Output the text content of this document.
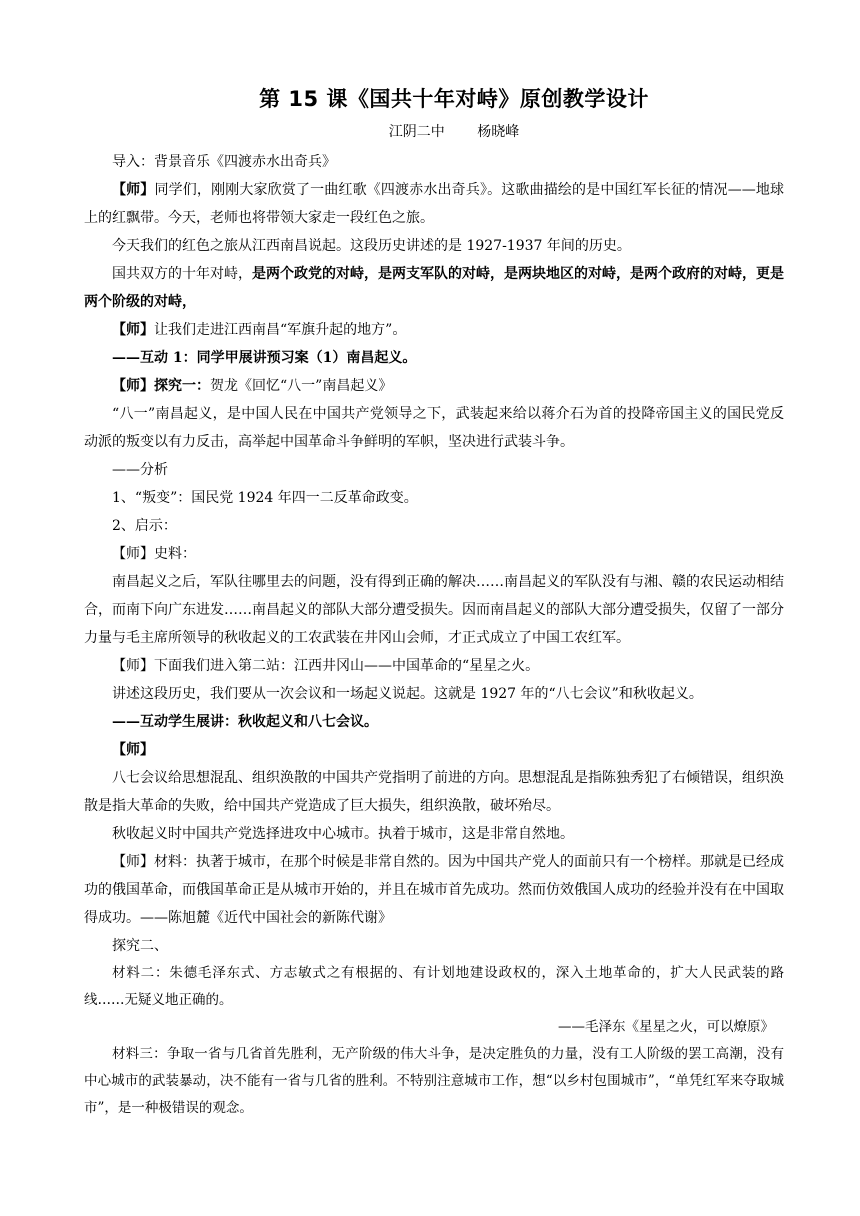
第 15 课《国共十年对峙》原创教学设计
江阴二中 杨晓峰

导入：背景音乐《四渡赤水出奇兵》

【师】同学们，刚刚大家欣赏了一曲红歌《四渡赤水出奇兵》。这歌曲描绘的是中国红军长征的情况——地球上的红飘带。今天，老师也将带领大家走一段红色之旅。

今天我们的红色之旅从江西南昌说起。这段历史讲述的是 1927-1937 年间的历史。

国共双方的十年对峙，是两个政党的对峙，是两支军队的对峙，是两块地区的对峙，是两个政府的对峙，更是两个阶级的对峙，

【师】让我们走进江西南昌“军旗升起的地方”。

——互动 1：同学甲展讲预习案（1）南昌起义。

【师】探究一：贺龙《回忆“八一”南昌起义》

“八一”南昌起义，是中国人民在中国共产党领导之下，武装起来给以蒋介石为首的投降帝国主义的国民党反动派的叛变以有力反击，高举起中国革命斗争鲜明的军帜，坚决进行武装斗争。

——分析

1、“叛变”：国民党 1924 年四一二反革命政变。

2、启示：

【师】史料：

南昌起义之后，军队往哪里去的问题，没有得到正确的解决……南昌起义的军队没有与湘、赣的农民运动相结合，而南下向广东进发……南昌起义的部队大部分遭受损失。因而南昌起义的部队大部分遭受损失，仅留了一部分力量与毛主席所领导的秋收起义的工农武装在井冈山会师，才正式成立了中国工农红军。

【师】下面我们进入第二站：江西井冈山——中国革命的“星星之火。

讲述这段历史，我们要从一次会议和一场起义说起。这就是 1927 年的“八七会议”和秋收起义。

——互动学生展讲：秋收起义和八七会议。

【师】

八七会议给思想混乱、组织涣散的中国共产党指明了前进的方向。思想混乱是指陈独秀犯了右倾错误，组织涣散是指大革命的失败，给中国共产党造成了巨大损失，组织涣散，破坏殆尽。

秋收起义时中国共产党选择进攻中心城市。执着于城市，这是非常自然地。

【师】材料：执著于城市，在那个时候是非常自然的。因为中国共产党人的面前只有一个榜样。那就是已经成功的俄国革命，而俄国革命正是从城市开始的，并且在城市首先成功。然而仿效俄国人成功的经验并没有在中国取得成功。——陈旭麓《近代中国社会的新陈代谢》

探究二、

材料二：朱德毛泽东式、方志敏式之有根据的、有计划地建设政权的，深入土地革命的，扩大人民武装的路线……无疑义地正确的。

——毛泽东《星星之火，可以燎原》

材料三：争取一省与几省首先胜利，无产阶级的伟大斗争，是决定胜负的力量，没有工人阶级的罢工高潮，没有中心城市的武装暴动，决不能有一省与几省的胜利。不特别注意城市工作，想“以乡村包围城市”，“单凭红军来夺取城市”，是一种极错误的观念。
